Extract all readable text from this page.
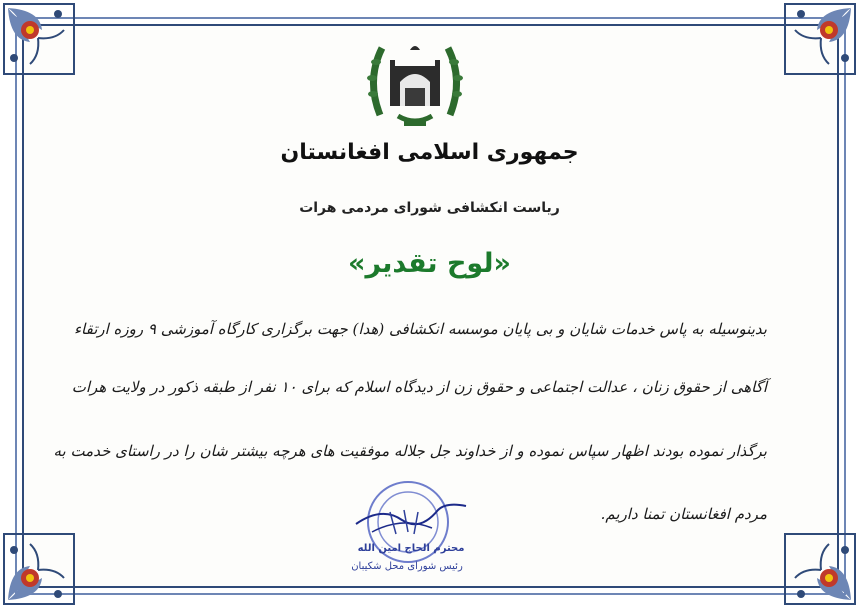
جمهوری اسلامی افغانستان
ریاست انکشافی شورای مردمی هرات
«لوح تقدیر»
بدینوسیله به پاس خدمات شایان و بی پایان موسسه انکشافی (هدا) جهت برگزاری کارگاه آموزشی ۹ روزه ارتقاء
آگاهی از حقوق زنان ، عدالت اجتماعی و حقوق زن از دیدگاه اسلام که برای ۱۰ نفر از طبقه ذکور در ولایت هرات
برگذار نموده بودند اظهار سپاس نموده و از خداوند جل جلاله موفقیت های هرچه بیشتر شان را در راستای خدمت به
مردم افغانستان تمنا داریم.
محترم الحاج امین الله
رئیس شورای محل شکیبان
